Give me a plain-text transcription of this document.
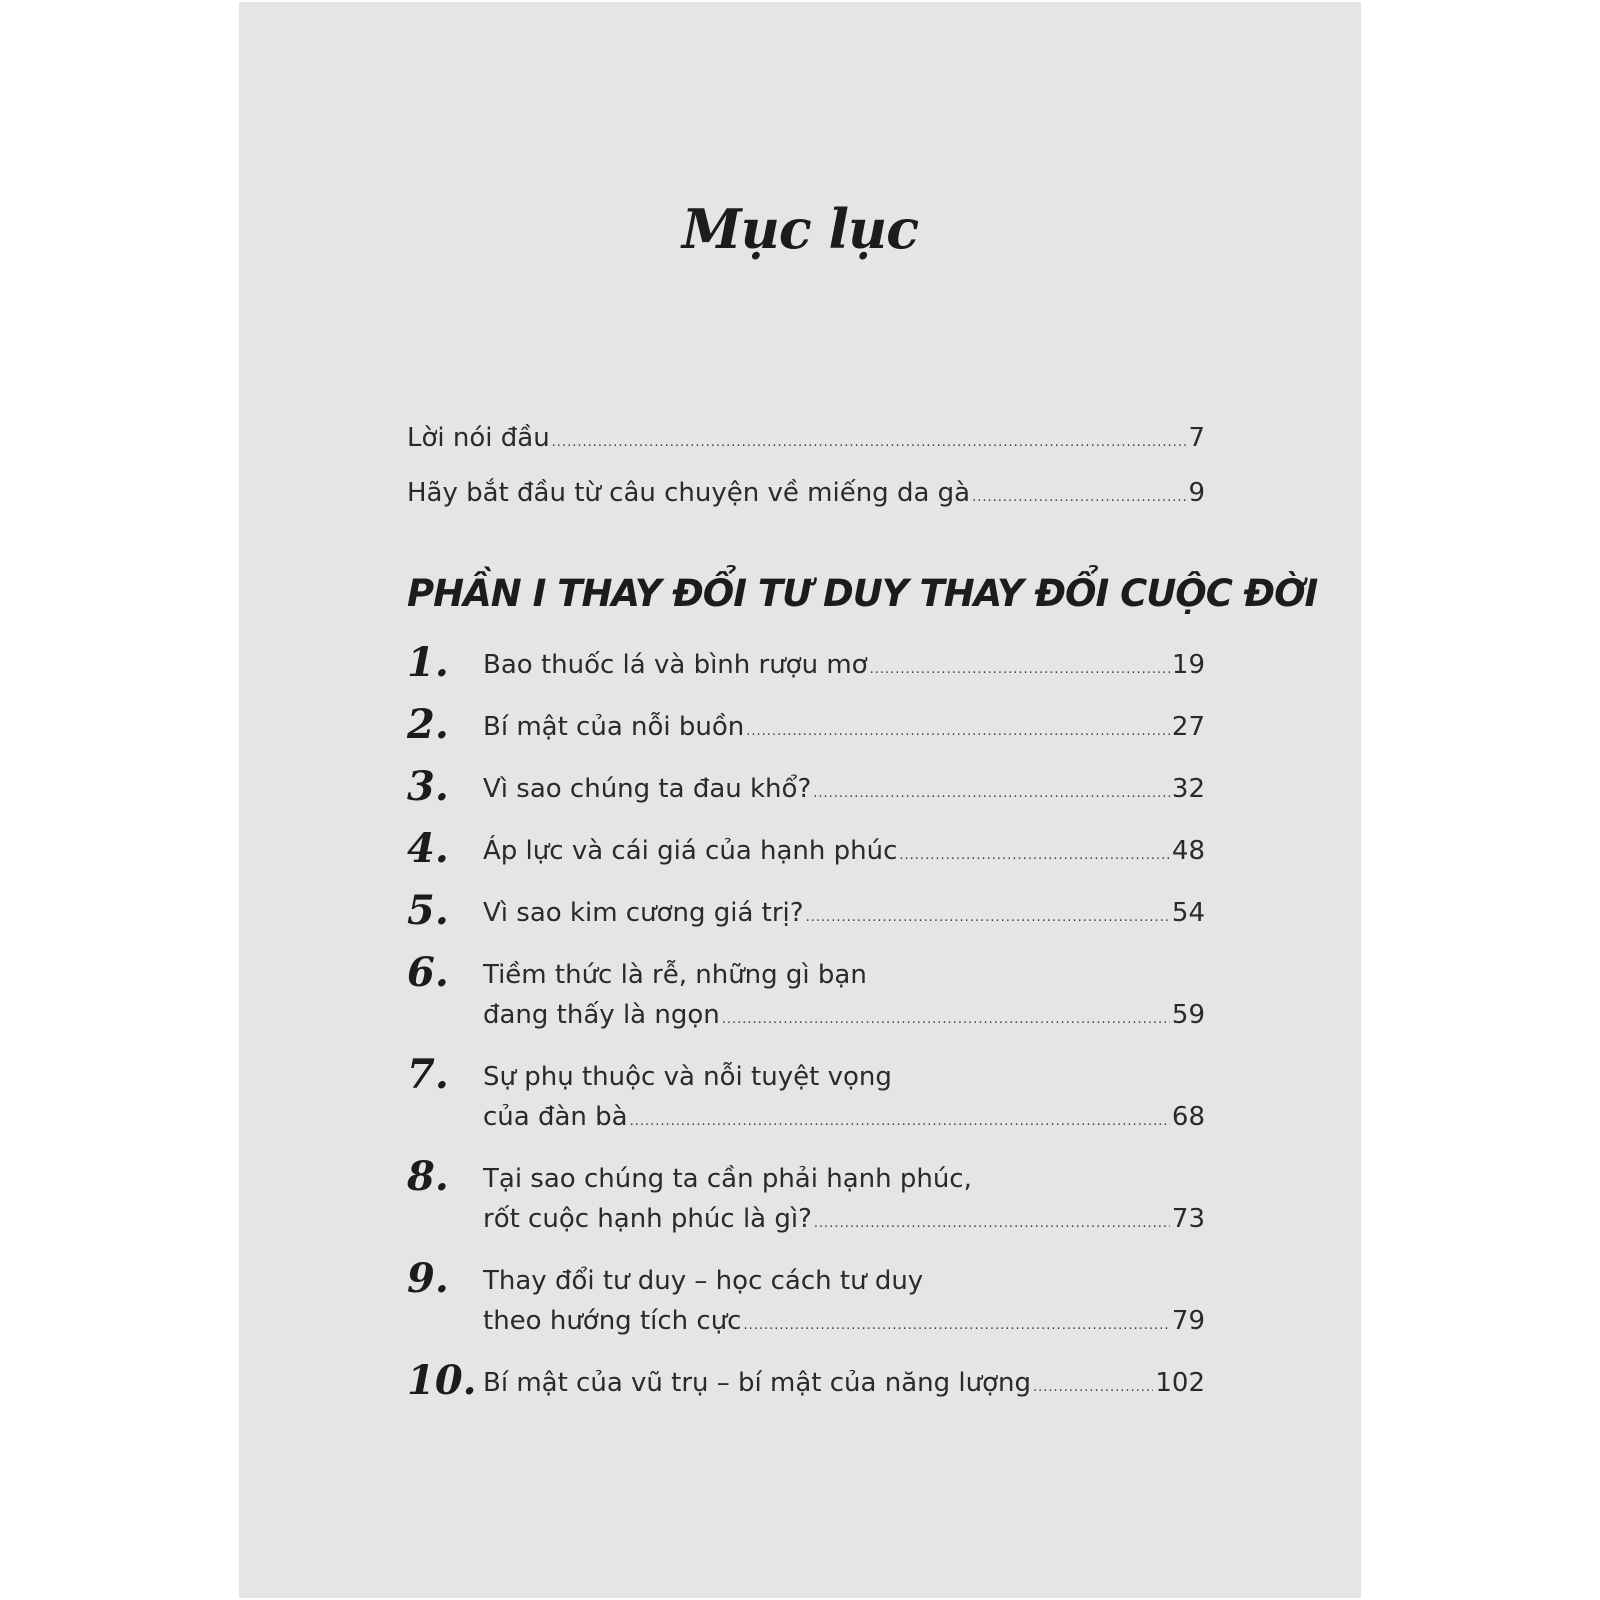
Mục lục
Lời nói đầu .....	7
Hãy bắt đầu từ câu chuyện về miếng da gà .....	9
PHẦN I THAY ĐỔI TƯ DUY THAY ĐỔI CUỘC ĐỜI
1. Bao thuốc lá và bình rượu mơ .....	19
2. Bí mật của nỗi buồn .....	27
3. Vì sao chúng ta đau khổ? .....	32
4. Áp lực và cái giá của hạnh phúc .....	48
5. Vì sao kim cương giá trị? .....	54
6. Tiềm thức là rễ, những gì bạn
đang thấy là ngọn .....	59
7. Sự phụ thuộc và nỗi tuyệt vọng
của đàn bà .....	68
8. Tại sao chúng ta cần phải hạnh phúc,
rốt cuộc hạnh phúc là gì? .....	73
9. Thay đổi tư duy – học cách tư duy
theo hướng tích cực .....	79
10. Bí mật của vũ trụ – bí mật của năng lượng .....	102
